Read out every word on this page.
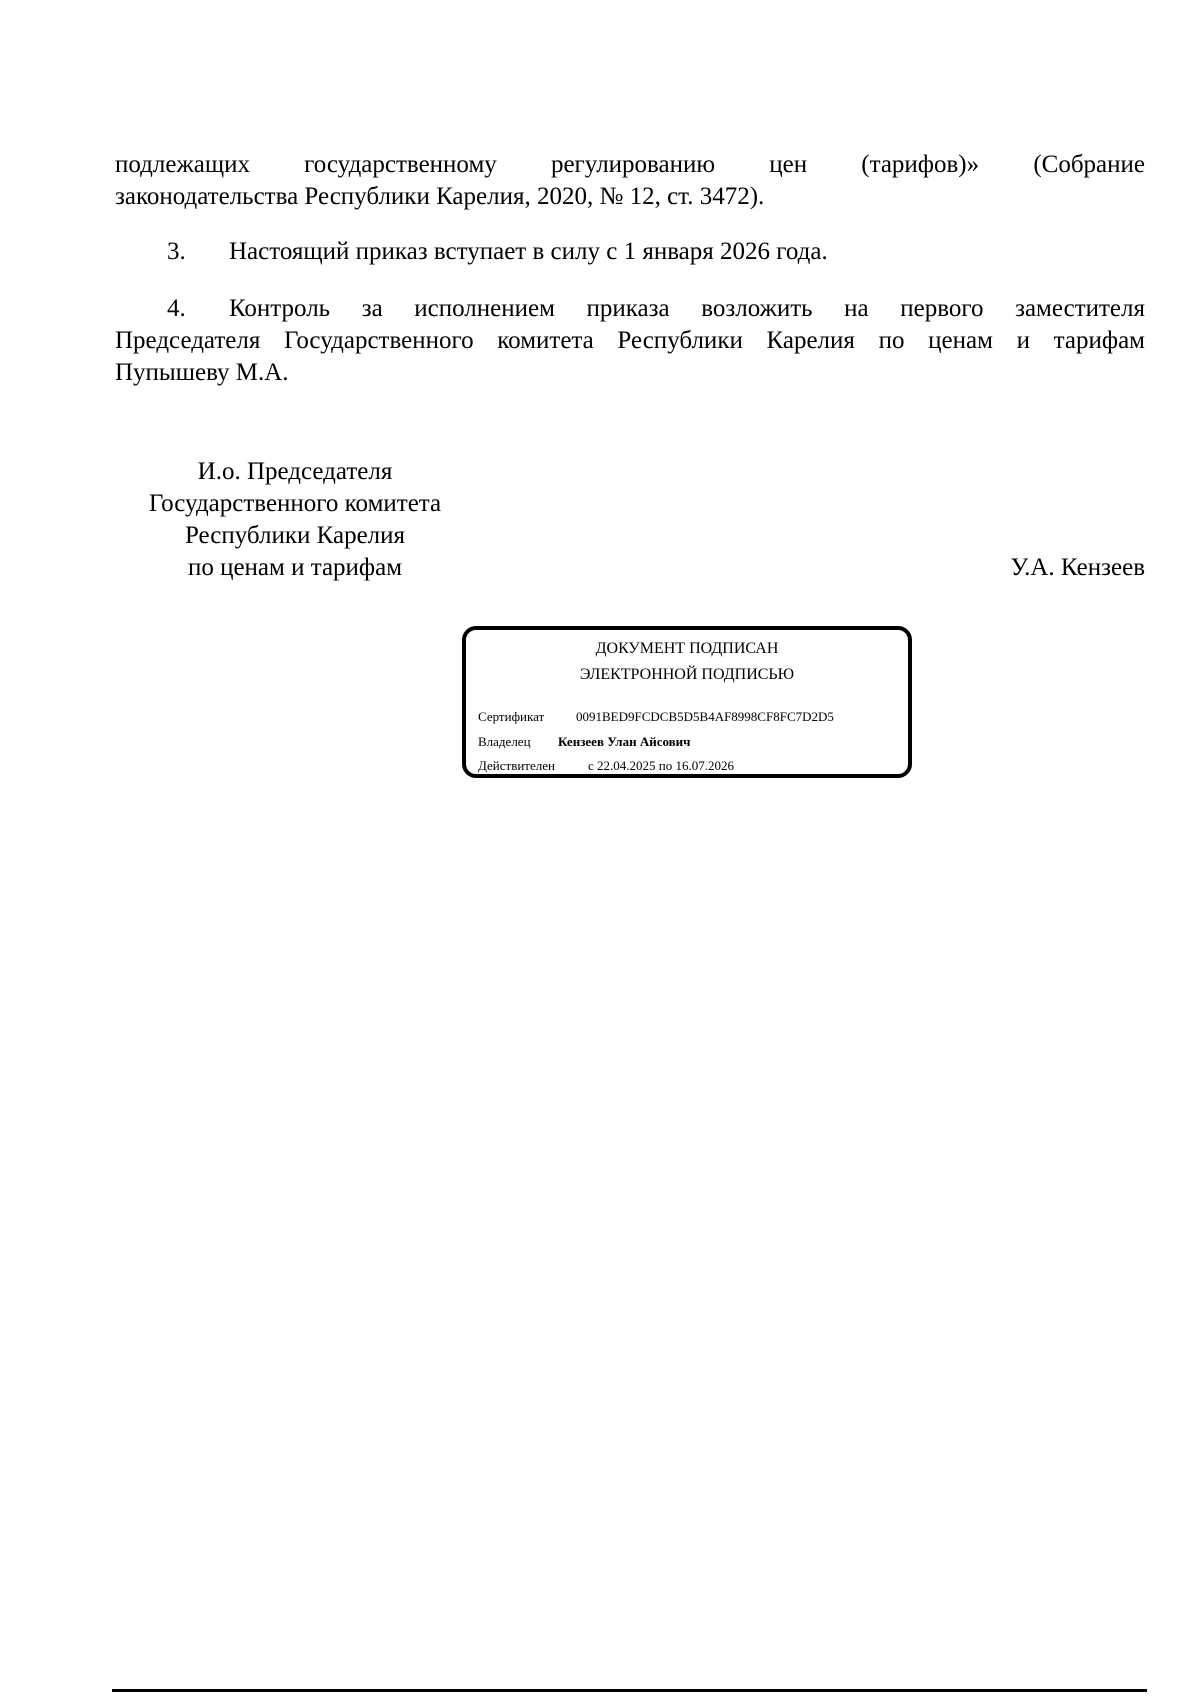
подлежащих государственному регулированию цен (тарифов)» (Собрание
законодательства Республики Карелия, 2020, № 12, ст. 3472).
3. Настоящий приказ вступает в силу с 1 января 2026 года.
4. Контроль за исполнением приказа возложить на первого заместителя
Председателя Государственного комитета Республики Карелия по ценам и тарифам
Пупышеву М.А.
И.о. Председателя
Государственного комитета
Республики Карелия
по ценам и тарифам	У.А. Кензеев
ДОКУМЕНТ ПОДПИСАН
ЭЛЕКТРОННОЙ ПОДПИСЬЮ
Сертификат 0091BED9FCDCB5D5B4AF8998CF8FC7D2D5
Владелец Кензеев Улан Айсович
Действителен	с 22.04.2025 по 16.07.2026
